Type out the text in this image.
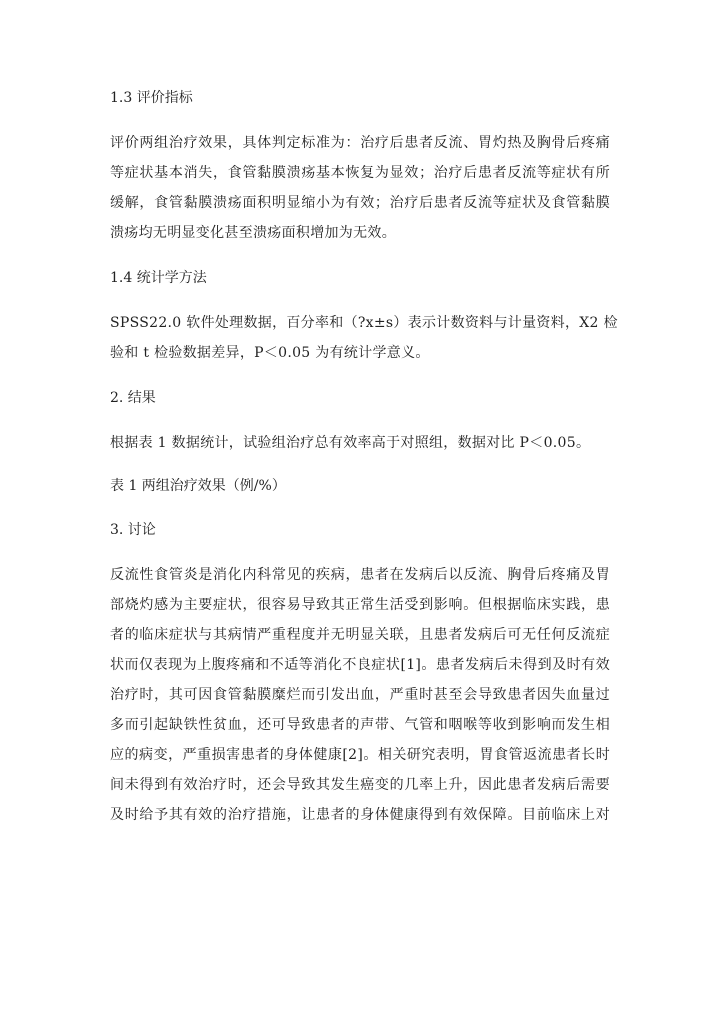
1.3 评价指标
评价两组治疗效果，具体判定标准为：治疗后患者反流、胃灼热及胸骨后疼痛
等症状基本消失，食管黏膜溃疡基本恢复为显效；治疗后患者反流等症状有所
缓解，食管黏膜溃疡面积明显缩小为有效；治疗后患者反流等症状及食管黏膜
溃疡均无明显变化甚至溃疡面积增加为无效。
1.4 统计学方法
SPSS22.0 软件处理数据，百分率和（?x±s）表示计数资料与计量资料，X2 检
验和 t 检验数据差异，P＜0.05 为有统计学意义。
2. 结果
根据表 1 数据统计，试验组治疗总有效率高于对照组，数据对比 P＜0.05。
表 1 两组治疗效果（例/%）
3. 讨论
反流性食管炎是消化内科常见的疾病，患者在发病后以反流、胸骨后疼痛及胃
部烧灼感为主要症状，很容易导致其正常生活受到影响。但根据临床实践，患
者的临床症状与其病情严重程度并无明显关联，且患者发病后可无任何反流症
状而仅表现为上腹疼痛和不适等消化不良症状[1]。患者发病后未得到及时有效
治疗时，其可因食管黏膜糜烂而引发出血，严重时甚至会导致患者因失血量过
多而引起缺铁性贫血，还可导致患者的声带、气管和咽喉等收到影响而发生相
应的病变，严重损害患者的身体健康[2]。相关研究表明，胃食管返流患者长时
间未得到有效治疗时，还会导致其发生癌变的几率上升，因此患者发病后需要
及时给予其有效的治疗措施，让患者的身体健康得到有效保障。目前临床上对
